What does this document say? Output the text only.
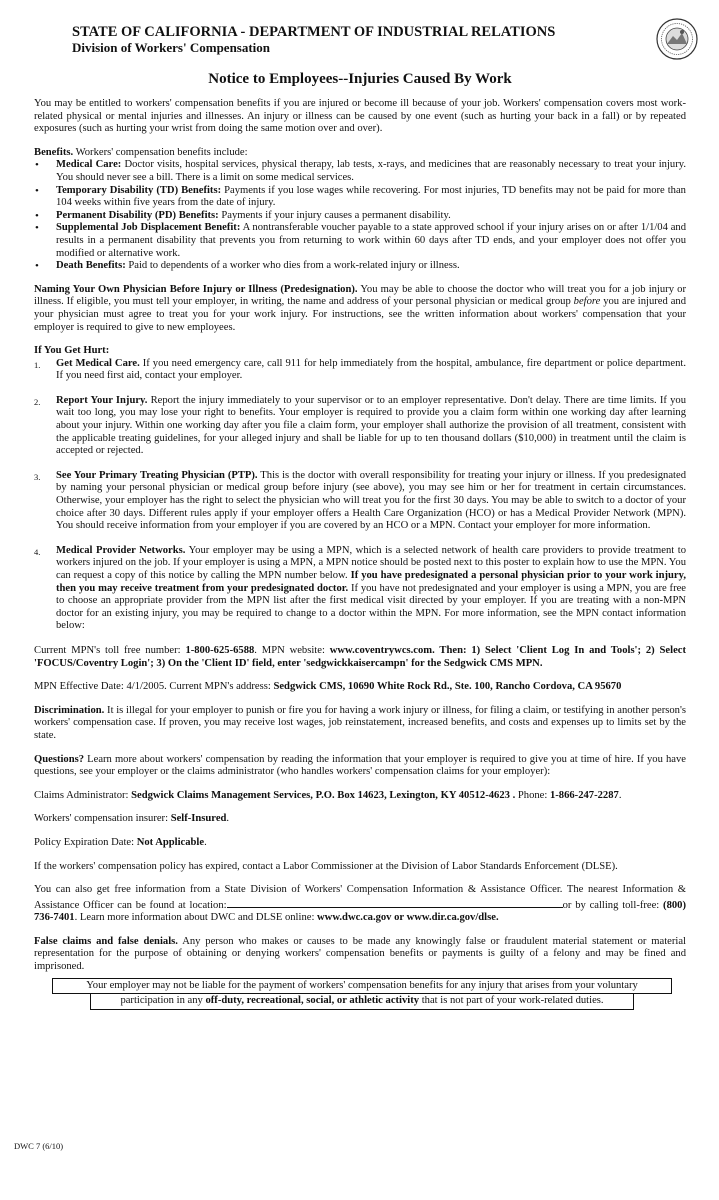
STATE OF CALIFORNIA - DEPARTMENT OF INDUSTRIAL RELATIONS
Division of Workers' Compensation
Notice to Employees--Injuries Caused By Work

You may be entitled to workers' compensation benefits if you are injured or become ill because of your job. Workers' compensation covers most work-related physical or mental injuries and illnesses. An injury or illness can be caused by one event (such as hurting your back in a fall) or by repeated exposures (such as hurting your wrist from doing the same motion over and over).

Benefits. Workers' compensation benefits include:
• Medical Care: Doctor visits, hospital services, physical therapy, lab tests, x-rays, and medicines that are reasonably necessary to treat your injury. You should never see a bill. There is a limit on some medical services.
• Temporary Disability (TD) Benefits: Payments if you lose wages while recovering. For most injuries, TD benefits may not be paid for more than 104 weeks within five years from the date of injury.
• Permanent Disability (PD) Benefits: Payments if your injury causes a permanent disability.
• Supplemental Job Displacement Benefit: A nontransferable voucher payable to a state approved school if your injury arises on or after 1/1/04 and results in a permanent disability that prevents you from returning to work within 60 days after TD ends, and your employer does not offer you modified or alternative work.
• Death Benefits: Paid to dependents of a worker who dies from a work-related injury or illness.

Naming Your Own Physician Before Injury or Illness (Predesignation). You may be able to choose the doctor who will treat you for a job injury or illness. If eligible, you must tell your employer, in writing, the name and address of your personal physician or medical group before you are injured and your physician must agree to treat you for your work injury. For instructions, see the written information about workers' compensation that your employer is required to give to new employees.

If You Get Hurt:
1. Get Medical Care. If you need emergency care, call 911 for help immediately from the hospital, ambulance, fire department or police department. If you need first aid, contact your employer.
2. Report Your Injury. Report the injury immediately to your supervisor or to an employer representative. Don't delay. There are time limits. If you wait too long, you may lose your right to benefits. Your employer is required to provide you a claim form within one working day after learning about your injury. Within one working day after you file a claim form, your employer shall authorize the provision of all treatment, consistent with the applicable treating guidelines, for your alleged injury and shall be liable for up to ten thousand dollars ($10,000) in treatment until the claim is accepted or rejected.
3. See Your Primary Treating Physician (PTP). This is the doctor with overall responsibility for treating your injury or illness. If you predesignated by naming your personal physician or medical group before injury (see above), you may see him or her for treatment in certain circumstances. Otherwise, your employer has the right to select the physician who will treat you for the first 30 days. You may be able to switch to a doctor of your choice after 30 days. Different rules apply if your employer offers a Health Care Organization (HCO) or has a Medical Provider Network (MPN). You should receive information from your employer if you are covered by an HCO or a MPN. Contact your employer for more information.
4. Medical Provider Networks. Your employer may be using a MPN, which is a selected network of health care providers to provide treatment to workers injured on the job. If your employer is using a MPN, a MPN notice should be posted next to this poster to explain how to use the MPN. You can request a copy of this notice by calling the MPN number below. If you have predesignated a personal physician prior to your work injury, then you may receive treatment from your predesignated doctor. If you have not predesignated and your employer is using a MPN, you are free to choose an appropriate provider from the MPN list after the first medical visit directed by your employer. If you are treating with a non-MPN doctor for an existing injury, you may be required to change to a doctor within the MPN. For more information, see the MPN contact information below:

Current MPN's toll free number: 1-800-625-6588. MPN website: www.coventrywcs.com. Then: 1) Select 'Client Log In and Tools'; 2) Select 'FOCUS/Coventry Login'; 3) On the 'Client ID' field, enter 'sedgwickkaisercampn' for the Sedgwick CMS MPN.

MPN Effective Date: 4/1/2005. Current MPN's address: Sedgwick CMS, 10690 White Rock Rd., Ste. 100, Rancho Cordova, CA 95670

Discrimination. It is illegal for your employer to punish or fire you for having a work injury or illness, for filing a claim, or testifying in another person's workers' compensation case. If proven, you may receive lost wages, job reinstatement, increased benefits, and costs and expenses up to limits set by the state.

Questions? Learn more about workers' compensation by reading the information that your employer is required to give you at time of hire. If you have questions, see your employer or the claims administrator (who handles workers' compensation claims for your employer):

Claims Administrator: Sedgwick Claims Management Services, P.O. Box 14623, Lexington, KY 40512-4623 . Phone: 1-866-247-2287.

Workers' compensation insurer: Self-Insured.

Policy Expiration Date: Not Applicable.

If the workers' compensation policy has expired, contact a Labor Commissioner at the Division of Labor Standards Enforcement (DLSE).

You can also get free information from a State Division of Workers' Compensation Information & Assistance Officer. The nearest Information & Assistance Officer can be found at location:	or by calling toll-free: (800) 736-7401. Learn more information about DWC and DLSE online: www.dwc.ca.gov or www.dir.ca.gov/dlse.

False claims and false denials. Any person who makes or causes to be made any knowingly false or fraudulent material statement or material representation for the purpose of obtaining or denying workers' compensation benefits or payments is guilty of a felony and may be fined and imprisoned.

Your employer may not be liable for the payment of workers' compensation benefits for any injury that arises from your voluntary
participation in any off-duty, recreational, social, or athletic activity that is not part of your work-related duties.
DWC 7 (6/10)
